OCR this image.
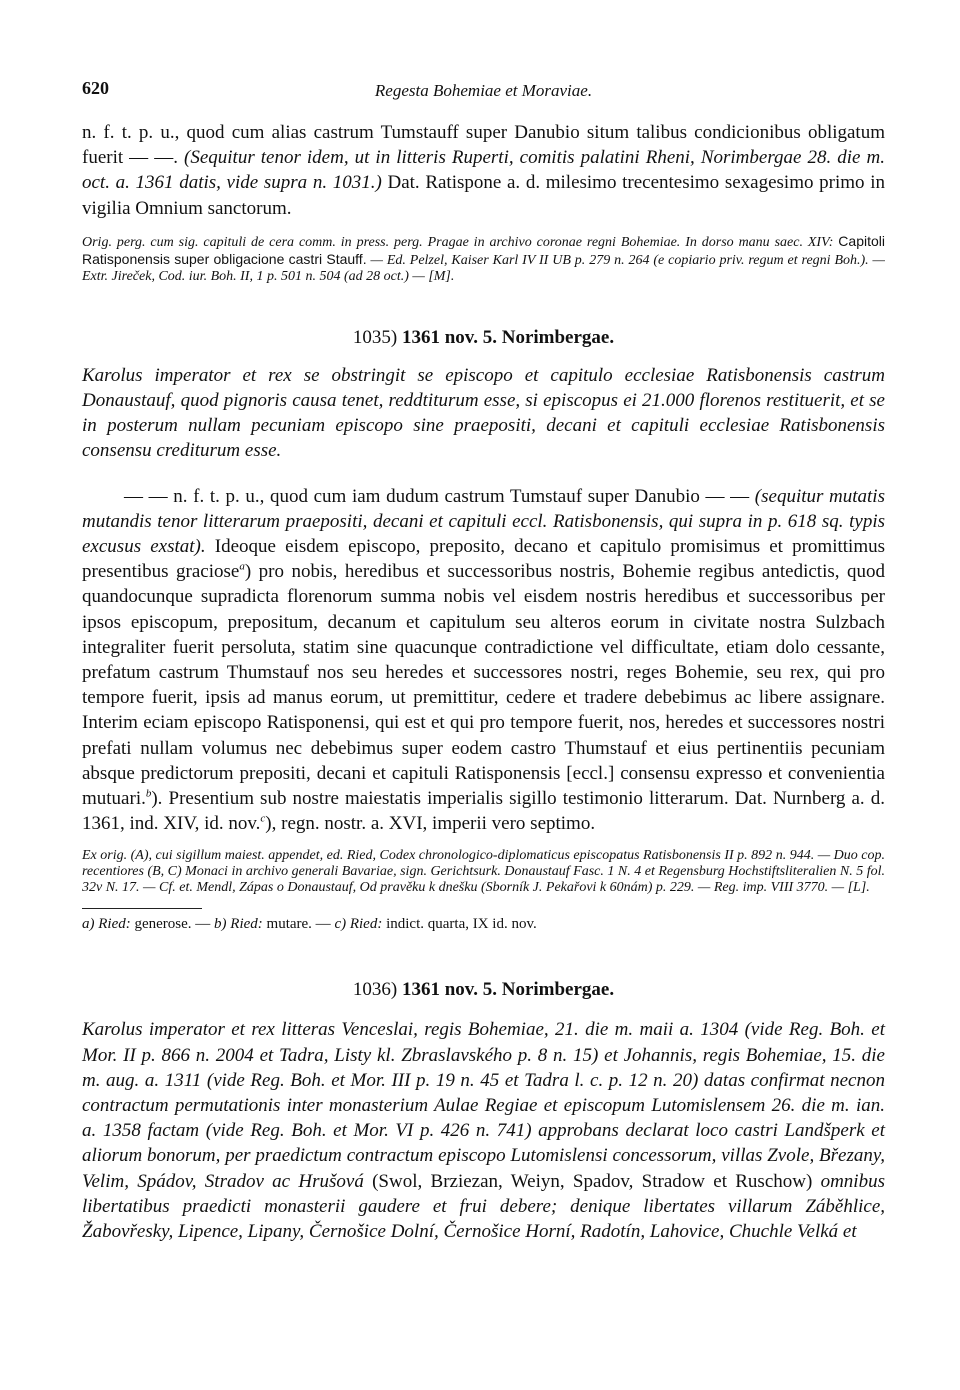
620	Regesta Bohemiae et Moraviae.

n. f. t. p. u., quod cum alias castrum Tumstauff super Danubio situm talibus condicionibus obligatum fuerit — —. (Sequitur tenor idem, ut in litteris Ruperti, comitis palatini Rheni, Norimbergae 28. die m. oct. a. 1361 datis, vide supra n. 1031.) Dat. Ratispone a. d. milesimo trecentesimo sexagesimo primo in vigilia Omnium sanctorum.

Orig. perg. cum sig. capituli de cera comm. in press. perg. Pragae in archivo coronae regni Bohemiae. In dorso manu saec. XIV: Capitoli Ratisponensis super obligacione castri Stauff. — Ed. Pelzel, Kaiser Karl IV II UB p. 279 n. 264 (e copiario priv. regum et regni Boh.). — Extr. Jireček, Cod. iur. Boh. II, 1 p. 501 n. 504 (ad 28 oct.) — [M].

1035) 1361 nov. 5. Norimbergae.

Karolus imperator et rex se obstringit se episcopo et capitulo ecclesiae Ratisbonensis castrum Donaustauf, quod pignoris causa tenet, reddtiturum esse, si episcopus ei 21.000 florenos restituerit, et se in posterum nullam pecuniam episcopo sine praepositi, decani et capituli ecclesiae Ratisbonensis consensu crediturum esse.

— — n. f. t. p. u., quod cum iam dudum castrum Tumstauf super Danubio — — (sequitur mutatis mutandis tenor litterarum praepositi, decani et capituli eccl. Ratisbonensis, qui supra in p. 618 sq. typis excusus exstat). Ideoque eisdem episcopo, preposito, decano et capitulo promisimus et promittimus presentibus graciose$^a$) pro nobis, heredibus et successoribus nostris, Bohemie regibus antedictis, quod quandocunque supradicta florenorum summa nobis vel eisdem nostris heredibus et successoribus per ipsos episcopum, prepositum, decanum et capitulum seu alteros eorum in civitate nostra Sulzbach integraliter fuerit persoluta, statim sine quacunque contradictione vel difficultate, etiam dolo cessante, prefatum castrum Thumstauf nos seu heredes et successores nostri, reges Bohemie, seu rex, qui pro tempore fuerit, ipsis ad manus eorum, ut premittitur, cedere et tradere debebimus ac libere assignare. Interim eciam episcopo Ratisponensi, qui est et qui pro tempore fuerit, nos, heredes et successores nostri prefati nullam volumus nec debebimus super eodem castro Thumstauf et eius pertinentiis pecuniam absque predictorum prepositi, decani et capituli Ratisponensis [eccl.] consensu expresso et convenientia mutuari.$^b$). Presentium sub nostre maiestatis imperialis sigillo testimonio litterarum. Dat. Nurnberg a. d. 1361, ind. XIV, id. nov.$^c$), regn. nostr. a. XVI, imperii vero septimo.

Ex orig. (A), cui sigillum maiest. appendet, ed. Ried, Codex chronologico-diplomaticus episcopatus Ratisbonensis II p. 892 n. 944. — Duo cop. recentiores (B, C) Monaci in archivo generali Bavariae, sign. Gerichtsurk. Donaustauf Fasc. 1 N. 4 et Regensburg Hochstiftsliteralien N. 5 fol. 32v N. 17. — Cf. et. Mendl, Zápas o Donaustauf, Od pravěku k dnešku (Sborník J. Pekařovi k 60nám) p. 229. — Reg. imp. VIII 3770. — [L].

a) Ried: generose. — b) Ried: mutare. — c) Ried: indict. quarta, IX id. nov.

1036) 1361 nov. 5. Norimbergae.

Karolus imperator et rex litteras Venceslai, regis Bohemiae, 21. die m. maii a. 1304 (vide Reg. Boh. et Mor. II p. 866 n. 2004 et Tadra, Listy kl. Zbraslavského p. 8 n. 15) et Johannis, regis Bohemiae, 15. die m. aug. a. 1311 (vide Reg. Boh. et Mor. III p. 19 n. 45 et Tadra l. c. p. 12 n. 20) datas confirmat necnon contractum permutationis inter monasterium Aulae Regiae et episcopum Lutomislensem 26. die m. ian. a. 1358 factam (vide Reg. Boh. et Mor. VI p. 426 n. 741) approbans declarat loco castri Landšperk et aliorum bonorum, per praedictum contractum episcopo Lutomislensi concessorum, villas Zvole, Březany, Velim, Spádov, Stradov ac Hrušová (Swol, Brziezan, Weiyn, Spadov, Stradow et Ruschow) omnibus libertatibus praedicti monasterii gaudere et frui debere; denique libertates villarum Záběhlice, Žabovřesky, Lipence, Lipany, Černošice Dolní, Černošice Horní, Radotín, Lahovice, Chuchle Velká et
